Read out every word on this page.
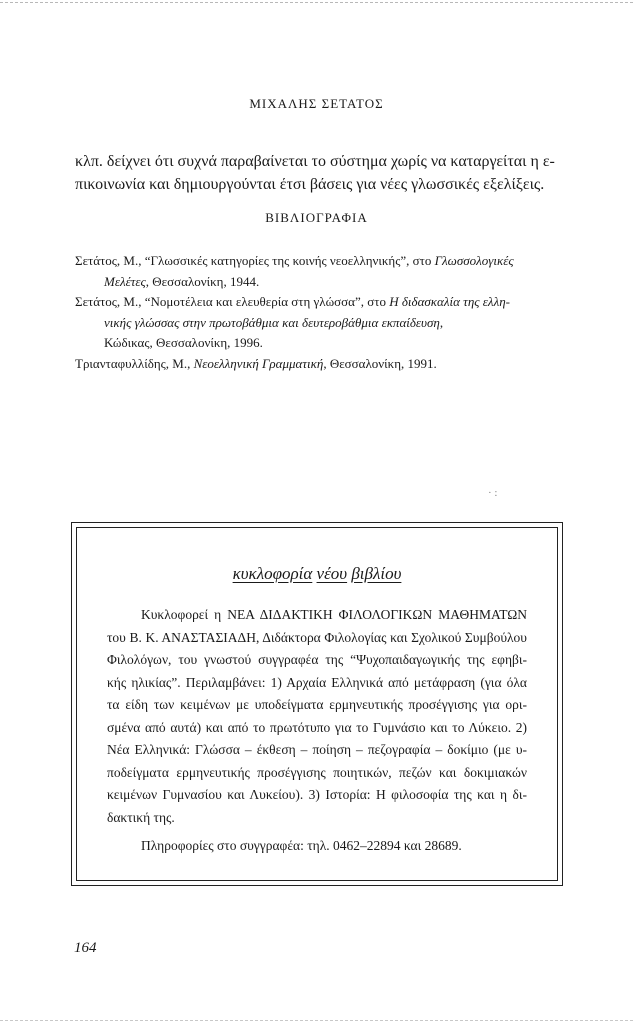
ΜΙΧΑΛΗΣ ΣΕΤΑΤΟΣ
κλπ. δείχνει ότι συχνά παραβαίνεται το σύστημα χωρίς να καταργείται η ε-
πικοινωνία και δημιουργούνται έτσι βάσεις για νέες γλωσσικές εξελίξεις.
ΒΙΒΛΙΟΓΡΑΦΙΑ

Σετάτος, Μ., “Γλωσσικές κατηγορίες της κοινής νεοελληνικής”, στο Γλωσσολογικές
Μελέτες, Θεσσαλονίκη, 1944.

Σετάτος, Μ., “Νομοτέλεια και ελευθερία στη γλώσσα”, στο Η διδασκαλία της ελλη-
νικής γλώσσας στην πρωτοβάθμια και δευτεροβάθμια εκπαίδευση,
Κώδικας, Θεσσαλονίκη, 1996.

Τριανταφυλλίδης, Μ., Νεοελληνική Γραμματική, Θεσσαλονίκη, 1991.

· :
κυκλοφορία νέου βιβλίου
Κυκλοφορεί η ΝΕΑ ΔΙΔΑΚΤΙΚΗ ΦΙΛΟΛΟΓΙΚΩΝ ΜΑΘΗΜΑΤΩΝ
του Β. Κ. ΑΝΑΣΤΑΣΙΑΔΗ, Διδάκτορα Φιλολογίας και Σχολικού Συμβούλου
Φιλολόγων, του γνωστού συγγραφέα της “Ψυχοπαιδαγωγικής της εφηβι-
κής ηλικίας”. Περιλαμβάνει: 1) Αρχαία Ελληνικά από μετάφραση (για όλα
τα είδη των κειμένων με υποδείγματα ερμηνευτικής προσέγγισης για ορι-
σμένα από αυτά) και από το πρωτότυπο για το Γυμνάσιο και το Λύκειο. 2)
Νέα Ελληνικά: Γλώσσα – έκθεση – ποίηση – πεζογραφία – δοκίμιο (με υ-
ποδείγματα ερμηνευτικής προσέγγισης ποιητικών, πεζών και δοκιμιακών
κειμένων Γυμνασίου και Λυκείου). 3) Ιστορία: Η φιλοσοφία της και η δι-
δακτική της.
Πληροφορίες στο συγγραφέα: τηλ. 0462–22894 και 28689.
164
